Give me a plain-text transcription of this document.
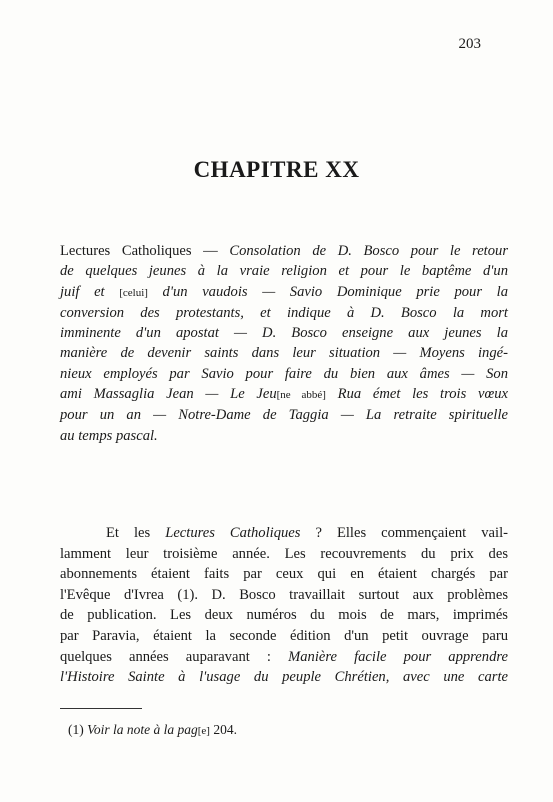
203
CHAPITRE XX
Lectures Catholiques — Consolation de D. Bosco pour le retour
de quelques jeunes à la vraie religion et pour le baptême d'un
juif et [celui] d'un vaudois — Savio Dominique prie pour la
conversion des protestants, et indique à D. Bosco la mort
imminente d'un apostat — D. Bosco enseigne aux jeunes la
manière de devenir saints dans leur situation — Moyens ingé-
nieux employés par Savio pour faire du bien aux âmes — Son
ami Massaglia Jean — Le Jeu[ne abbé] Rua émet les trois vœux
pour un an — Notre-Dame de Taggia — La retraite spirituelle
au temps pascal.
Et les Lectures Catholiques ? Elles commençaient vail-
lamment leur troisième année. Les recouvrements du prix des
abonnements étaient faits par ceux qui en étaient chargés par
l'Evêque d'Ivrea (1). D. Bosco travaillait surtout aux problèmes
de publication. Les deux numéros du mois de mars, imprimés
par Paravia, étaient la seconde édition d'un petit ouvrage paru
quelques années auparavant : Manière facile pour apprendre
l'Histoire Sainte à l'usage du peuple Chrétien, avec une carte
(1) Voir la note à la pag[e] 204.
